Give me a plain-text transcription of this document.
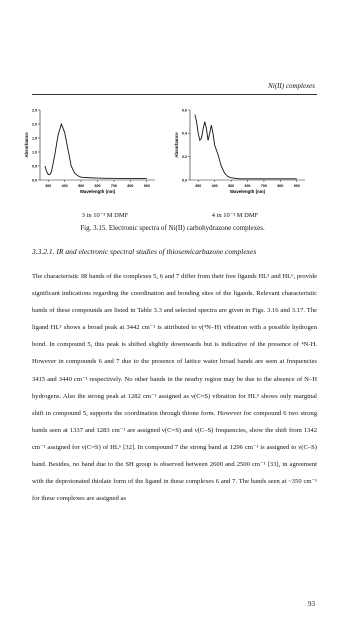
Ni(II) complexes
300	400	500	600	700	800	900
0.0
0.5
1.0
1.5
2.0
2.5
Wavelength (nm)
Absorbance
300	400	500	600	700	800	900
0.0
0.2
0.4
0.6
Wavelength (nm)
Absorbance
3 in 10⁻³ M DMF	4 in 10⁻³ M DMF
Fig. 3.15. Electronic spectra of Ni(II) carbohydrazone complexes.
3.3.2.1. IR and electronic spectral studies of thiosemicarbazone complexes

The characteristic IR bands of the complexes 5, 6 and 7 differ from their free ligands HL⁵ and HL⁶, provide significant indications regarding the coordination and bonding sites of the ligands. Relevant characteristic bands of these compounds are listed in Table 3.3 and selected spectra are given in Figs. 3.16 and 3.17. The ligand HL⁵ shows a broad peak at 3442 cm⁻¹ is attributed to ν(⁴N–H) vibration with a possible hydrogen bond. In compound 5, this peak is shifted slightly downwards but is indicative of the presence of ⁴N-H. However in compounds 6 and 7 due to the presence of lattice water broad bands are seen at frequencies 3415 and 3440 cm⁻¹ respectively. No other bands in the nearby region may be due to the absence of N–H hydrogens. Also the strong peak at 1282 cm⁻¹ assigned as ν(C=S) vibration for HL⁵ shows only marginal shift in compound 5, supports the coordination through thione form. However for compound 6 two strong bands seen at 1337 and 1283 cm⁻¹ are assigned ν(C=S) and ν(C–S) frequencies, show the shift from 1342 cm⁻¹ assigned for ν(C=S) of HL⁶ [32]. In compound 7 the strong band at 1296 cm⁻¹ is assigned to ν(C–S) band. Besides, no band due to the SH group is observed between 2600 and 2500 cm⁻¹ [33], in agreement with the deprotonated thiolate form of the ligand in these complexes 6 and 7. The bands seen at ~350 cm⁻¹ for these complexes are assigned as

93
